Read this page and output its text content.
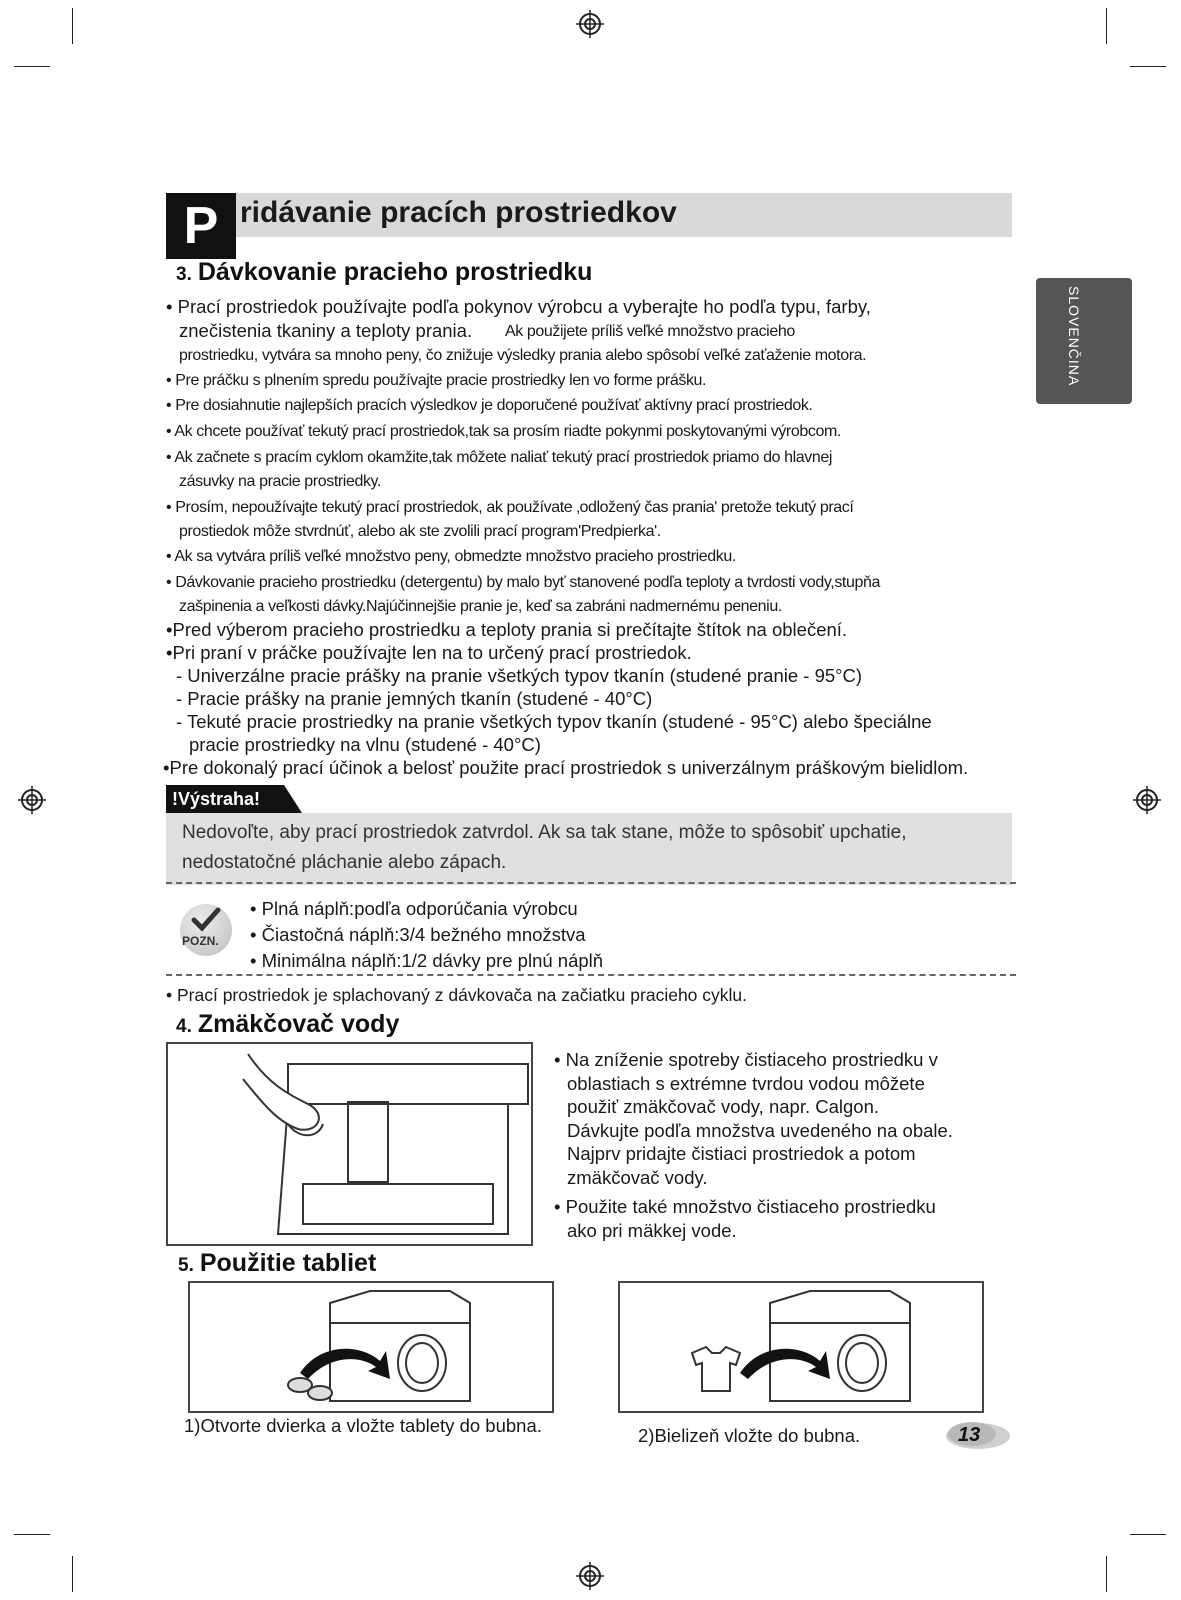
P ridávanie pracích prostriedkov
SLOVENČINA
3. Dávkovanie pracieho prostriedku
• Prací prostriedok používajte podľa pokynov výrobcu a vyberajte ho podľa typu, farby,
znečistenia tkaniny a teploty prania. Ak použijete príliš veľké množstvo pracieho
prostriedku, vytvára sa mnoho peny, čo znižuje výsledky prania alebo spôsobí veľké zaťaženie motora.
• Pre práčku s plnením spredu používajte pracie prostriedky len vo forme prášku.
• Pre dosiahnutie najlepších pracích výsledkov je doporučené používať aktívny prací prostriedok.
• Ak chcete používať tekutý prací prostriedok,tak sa prosím riadte pokynmi poskytovanými výrobcom.
• Ak začnete s pracím cyklom okamžite,tak môžete naliať tekutý prací prostriedok priamo do hlavnej
zásuvky na pracie prostriedky.
• Prosím, nepoužívajte tekutý prací prostriedok, ak používate ‚odložený čas prania' pretože tekutý prací
prostiedok môže stvrdnúť, alebo ak ste zvolili prací program'Predpierka'.
• Ak sa vytvára príliš veľké množstvo peny, obmedzte množstvo pracieho prostriedku.
• Dávkovanie pracieho prostriedku (detergentu) by malo byť stanovené podľa teploty a tvrdosti vody,stupňa
zašpinenia a veľkosti dávky.Najúčinnejšie pranie je, keď sa zabráni nadmernému peneniu.
•Pred výberom pracieho prostriedku a teploty prania si prečítajte štítok na oblečení.
•Pri praní v práčke používajte len na to určený prací prostriedok.
- Univerzálne pracie prášky na pranie všetkých typov tkanín (studené pranie - 95°C)
- Pracie prášky na pranie jemných tkanín (studené - 40°C)
- Tekuté pracie prostriedky na pranie všetkých typov tkanín (studené - 95°C) alebo špeciálne
pracie prostriedky na vlnu (studené - 40°C)
•Pre dokonalý prací účinok a belosť použite prací prostriedok s univerzálnym práškovým bielidlom.
!Výstraha!
Nedovoľte, aby prací prostriedok zatvrdol. Ak sa tak stane, môže to spôsobiť upchatie,
nedostatočné pláchanie alebo zápach.
POZN.
• Plná náplň:podľa odporúčania výrobcu
• Čiastočná náplň:3/4 bežného množstva
• Minimálna náplň:1/2 dávky pre plnú náplň
• Prací prostriedok je splachovaný z dávkovača na začiatku pracieho cyklu.
4. Zmäkčovač vody
• Na zníženie spotreby čistiaceho prostriedku v
oblastiach s extrémne tvrdou vodou môžete
použiť zmäkčovač vody, napr. Calgon.
Dávkujte podľa množstva uvedeného na obale.
Najprv pridajte čistiaci prostriedok a potom
zmäkčovač vody.
• Použite také množstvo čistiaceho prostriedku
ako pri mäkkej vode.
5. Použitie tabliet
1)Otvorte dvierka a vložte tablety do bubna.	2)Bielizeň vložte do bubna.	13
